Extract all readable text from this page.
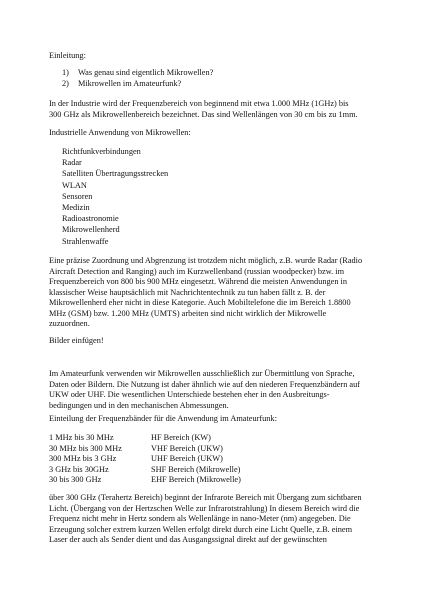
Einleitung:
1)	Was genau sind eigentlich Mikrowellen?
2)	Mikrowellen im Amateurfunk?
In der Industrie wird der Frequenzbereich von beginnend mit etwa 1.000 MHz (1GHz) bis
300 GHz als Mikrowellenbereich bezeichnet. Das sind Wellenlängen von 30 cm bis zu 1mm.
Industrielle Anwendung von Mikrowellen:
Richtfunkverbindungen
Radar
Satelliten Übertragungsstrecken
WLAN
Sensoren
Medizin
Radioastronomie
Mikrowellenherd
Strahlenwaffe
Eine präzise Zuordnung und Abgrenzung ist trotzdem nicht möglich, z.B. wurde Radar (Radio
Aircraft Detection and Ranging) auch im Kurzwellenband (russian woodpecker) bzw. im
Frequenzbereich von 800 bis 900 MHz eingesetzt. Während die meisten Anwendungen in
klassischer Weise hauptsächlich mit Nachrichtentechnik zu tun haben fällt z. B. der
Mikrowellenherd eher nicht in diese Kategorie. Auch Mobiltelefone die im Bereich 1.8800
MHz (GSM) bzw. 1.200 MHz (UMTS) arbeiten sind nicht wirklich der Mikrowelle
zuzuordnen.
Bilder einfügen!
Im Amateurfunk verwenden wir Mikrowellen ausschließlich zur Übermittlung von Sprache,
Daten oder Bildern. Die Nutzung ist daher ähnlich wie auf den niederen Frequenzbändern auf
UKW oder UHF. Die wesentlichen Unterschiede bestehen eher in den Ausbreitungs-
bedingungen und in den mechanischen Abmessungen.
Einteilung der Frequenzbänder für die Anwendung im Amateurfunk:
1 MHz bis 30 MHz	HF Bereich (KW)
30 MHz bis 300 MHz	VHF Bereich (UKW)
300 MHz bis 3 GHz	UHF Bereich (UKW)
3 GHz bis 30GHz	SHF Bereich (Mikrowelle)
30 bis 300 GHz	EHF Bereich (Mikrowelle)
über 300 GHz (Terahertz Bereich) beginnt der Infrarote Bereich mit Übergang zum sichtbaren
Licht. (Übergang von der Hertzschen Welle zur Infrarotstrahlung) In diesem Bereich wird die
Frequenz nicht mehr in Hertz sondern als Wellenlänge in nano-Meter (nm) angegeben. Die
Erzeugung solcher extrem kurzen Wellen erfolgt direkt durch eine Licht Quelle, z.B. einem
Laser der auch als Sender dient und das Ausgangssignal direkt auf der gewünschten
